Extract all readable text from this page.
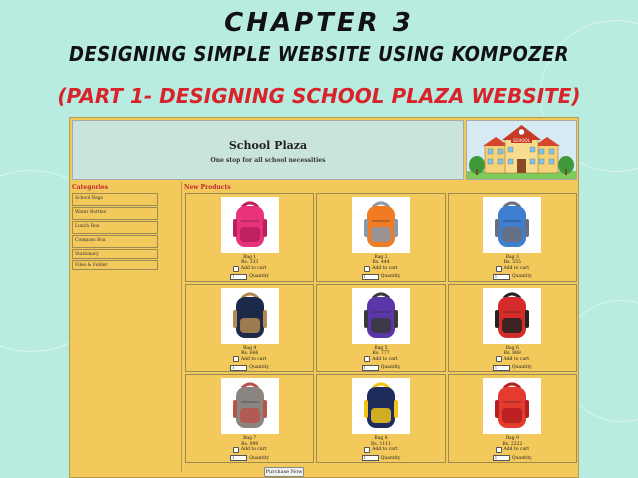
CHAPTER 3
DESIGNING SIMPLE WEBSITE USING KOMPOZER
(PART 1- DESIGNING SCHOOL PLAZA WEBSITE)
School Plaza
One stop for all school necessities
SCHOOL
Categories	New Products
School Bags
Water Bottles
Lunch Box
Compass Box
Stationary
Files & Folder
Bag 1
Rs. 333
Add to cart

1	Quantity
Bag 2
Rs. 444
Add to cart

1	Quantity
Bag 3
Rs. 555
Add to cart

1	Quantity
Bag 4
Rs. 666
Add to cart

1	Quantity
Bag 5
Rs. 777
Add to cart

1	Quantity
Bag 6
Rs. 888
Add to cart

1	Quantity
Bag 7
Rs. 999
Add to cart

1	Quantity
Bag 8
Rs. 1111
Add to cart

1	Quantity
Bag 9
Rs. 2222
Add to cart

1	Quantity
Purchase Now
